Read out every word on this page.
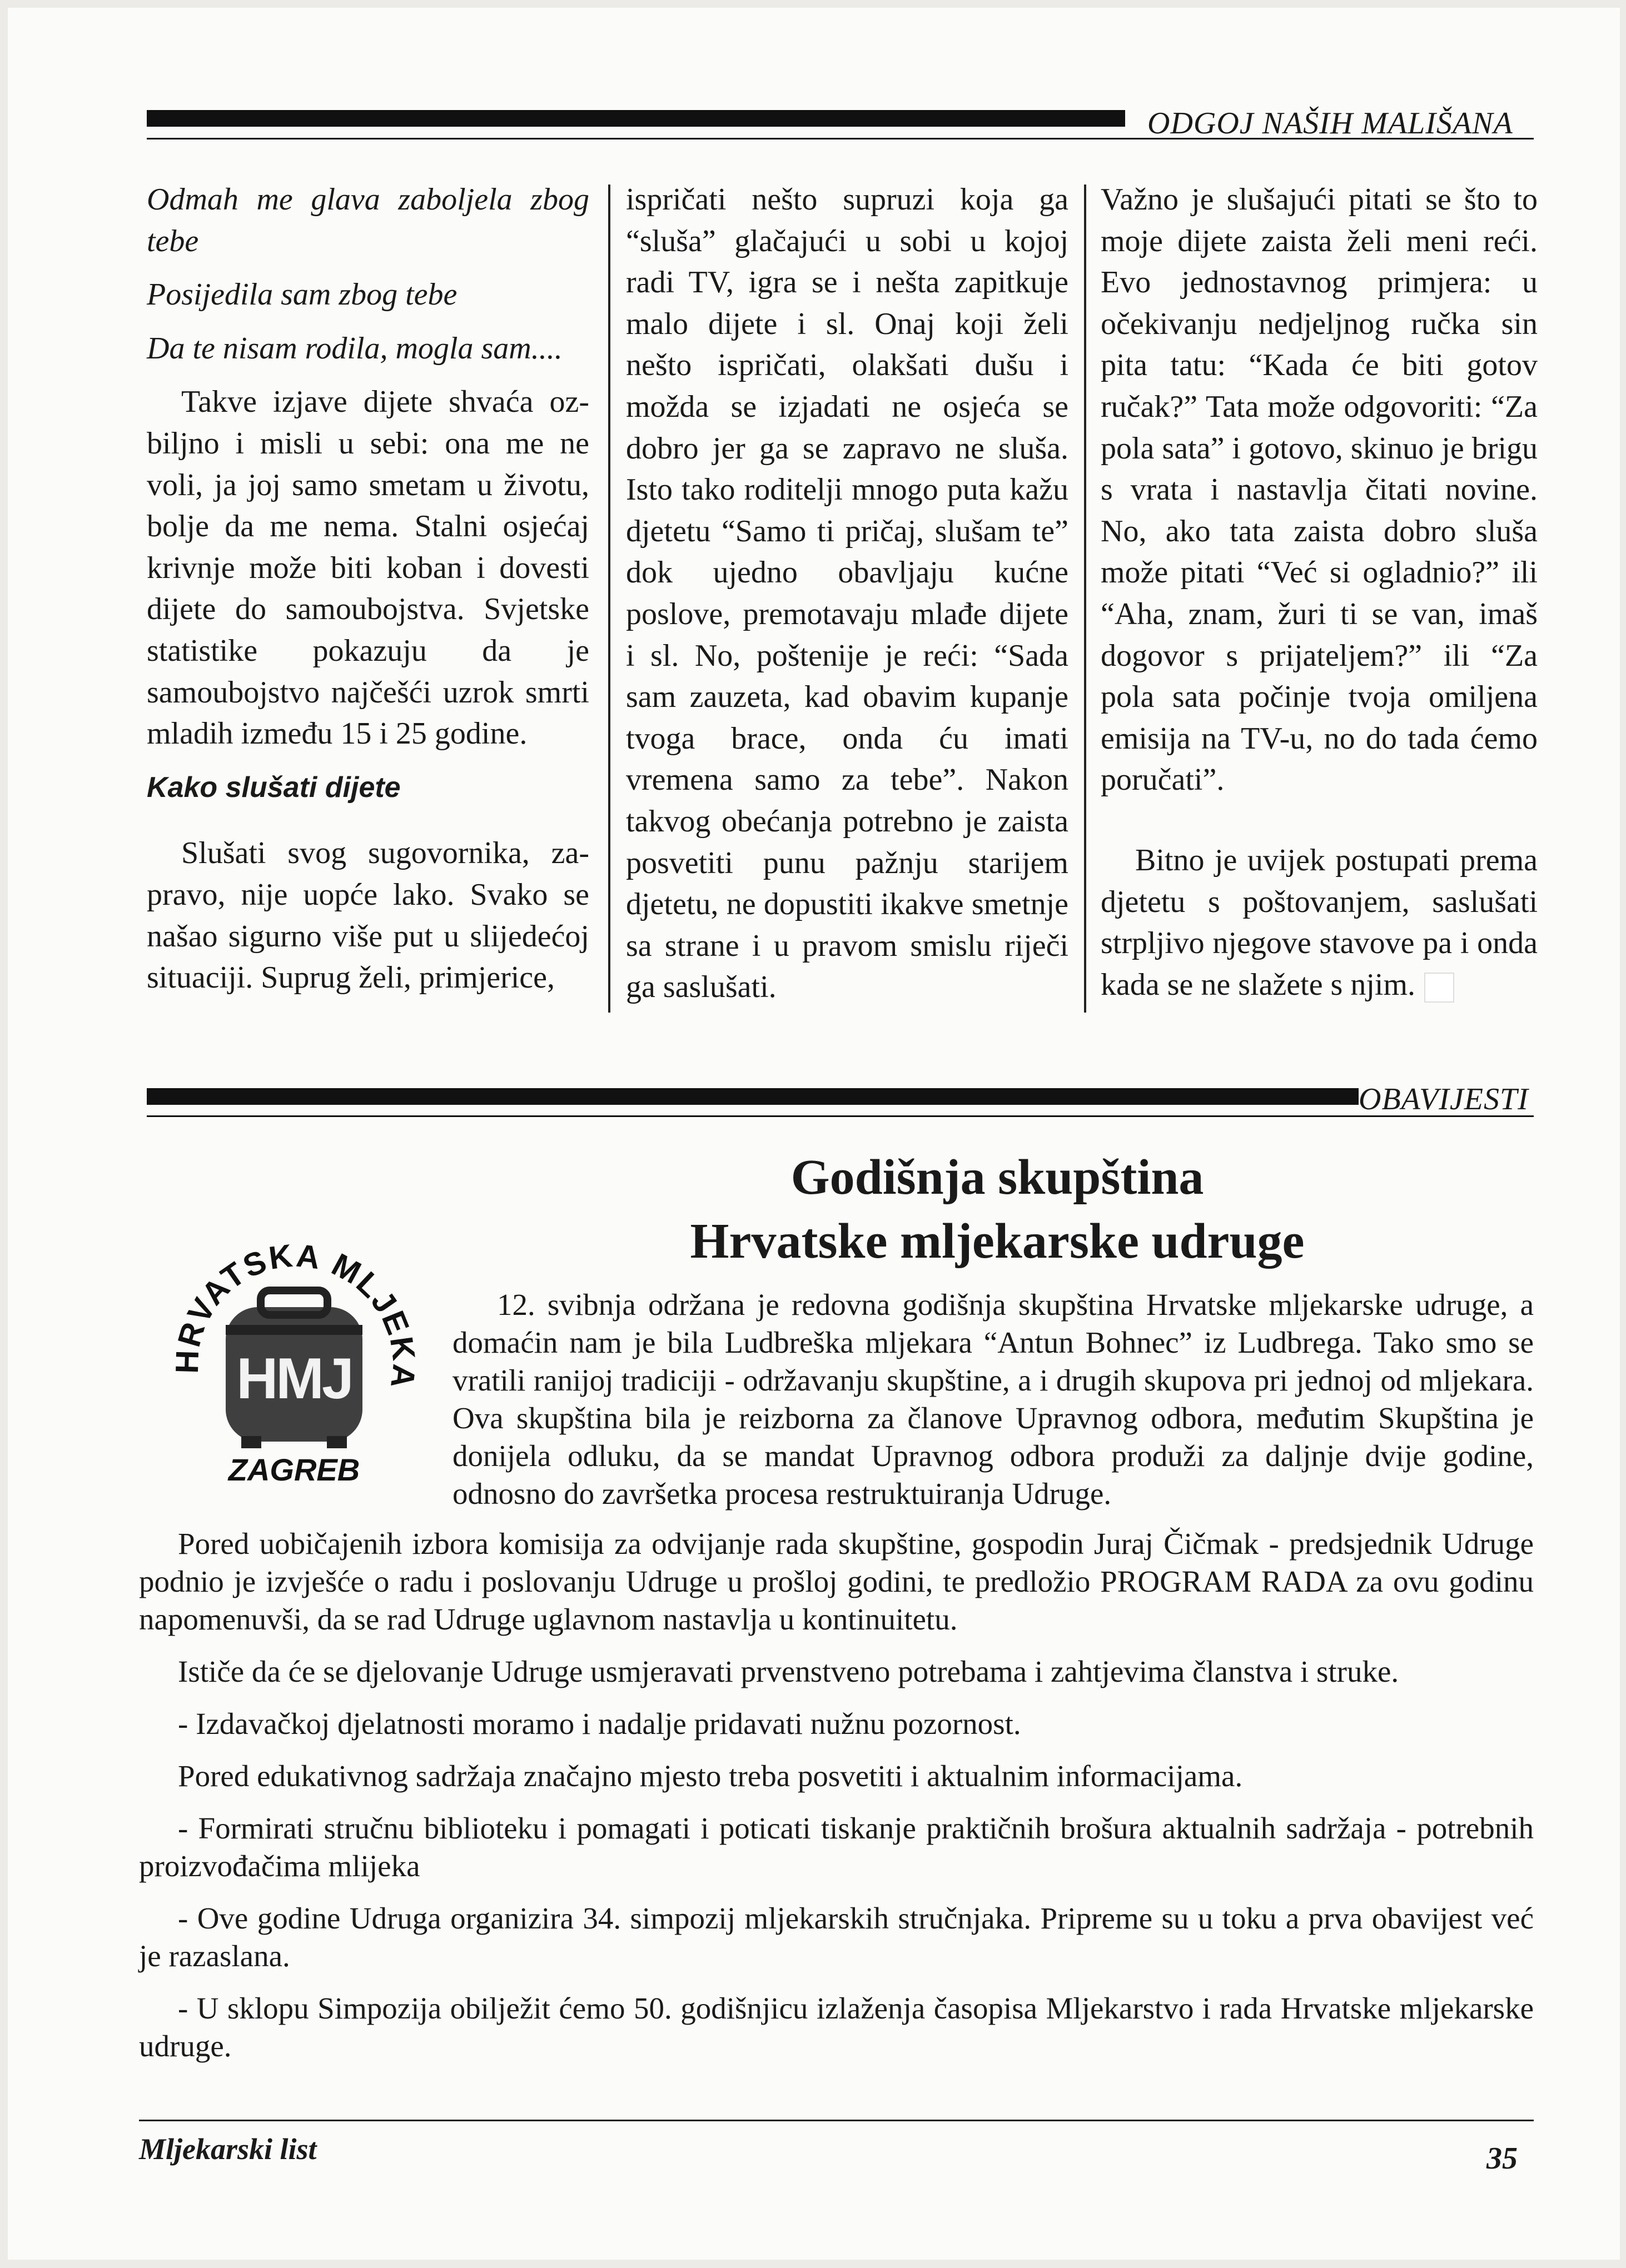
ODGOJ NAŠIH MALIŠANA

Odmah me glava zaboljela zbog tebe

Posijedila sam zbog tebe

Da te nisam rodila, mogla sam....

Takve izjave dijete shvaća ozbiljno i misli u sebi: ona me ne voli, ja joj samo smetam u životu, bolje da me nema. Stalni osjećaj krivnje može biti koban i dovesti dijete do samoubojstva. Svjetske statistike pokazuju da je samoubojstvo najčešći uzrok smrti mladih između 15 i 25 godine.

Kako slušati dijete

Slušati svog sugovornika, zapravo, nije uopće lako. Svako se našao sigurno više put u slijedećoj situaciji. Suprug želi, primjerice,

ispričati nešto supruzi koja ga “sluša” glačajući u sobi u kojoj radi TV, igra se i nešta zapitkuje malo dijete i sl. Onaj koji želi nešto ispričati, olakšati dušu i možda se izjadati ne osjeća se dobro jer ga se zapravo ne sluša. Isto tako roditelji mnogo puta kažu djetetu “Samo ti pričaj, slušam te” dok ujedno obavljaju kućne poslove, premotavaju mlađe dijete i sl. No, poštenije je reći: “Sada sam zauzeta, kad obavim kupanje tvoga brace, onda ću imati vremena samo za tebe”. Nakon takvog obećanja potrebno je zaista posvetiti punu pažnju starijem djetetu, ne dopustiti ikakve smetnje sa strane i u pravom smislu riječi ga saslušati.

Važno je slušajući pitati se što to moje dijete zaista želi meni reći. Evo jednostavnog primjera: u očekivanju nedjeljnog ručka sin pita tatu: “Kada će biti gotov ručak?” Tata može odgovoriti: “Za pola sata” i gotovo, skinuo je brigu s vrata i nastavlja čitati novine. No, ako tata zaista dobro sluša može pitati “Već si ogladnio?” ili “Aha, znam, žuri ti se van, imaš dogovor s prijateljem?” ili “Za pola sata počinje tvoja omiljena emisija na TV-u, no do tada ćemo poručati”.

Bitno je uvijek postupati prema djetetu s poštovanjem, saslušati strpljivo njegove stavove pa i onda kada se ne slažete s njim.

OBAVIJESTI
Godišnja skupština
Hrvatske mljekarske udruge
HRVATSKA MLJEKA
ZAGREB
HMJ

12. svibnja održana je redovna godišnja skupština Hrvatske mljekarske udruge, a domaćin nam je bila Ludbreška mljekara “Antun Bohnec” iz Ludbrega. Tako smo se vratili ranijoj tradiciji - održavanju skupštine, a i drugih skupova pri jednoj od mljekara. Ova skupština bila je reizborna za članove Upravnog odbora, međutim Skupština je donijela odluku, da se mandat Upravnog odbora produži za daljnje dvije godine, odnosno do završetka procesa restruktuiranja Udruge.

Pored uobičajenih izbora komisija za odvijanje rada skupštine, gospodin Juraj Čičmak - predsjednik Udruge podnio je izvješće o radu i poslovanju Udruge u prošloj godini, te predložio PROGRAM RADA za ovu godinu napomenuvši, da se rad Udruge uglavnom nastavlja u kontinuitetu.

Ističe da će se djelovanje Udruge usmjeravati prvenstveno potrebama i zahtjevima članstva i struke.

- Izdavačkoj djelatnosti moramo i nadalje pridavati nužnu pozornost.

Pored edukativnog sadržaja značajno mjesto treba posvetiti i aktualnim informacijama.

- Formirati stručnu biblioteku i pomagati i poticati tiskanje praktičnih brošura aktualnih sadržaja - potrebnih proizvođačima mlijeka

- Ove godine Udruga organizira 34. simpozij mljekarskih stručnjaka. Pripreme su u toku a prva obavijest već je razaslana.

- U sklopu Simpozija obilježit ćemo 50. godišnjicu izlaženja časopisa Mljekarstvo i rada Hrvatske mljekarske udruge.

Mljekarski list	35
